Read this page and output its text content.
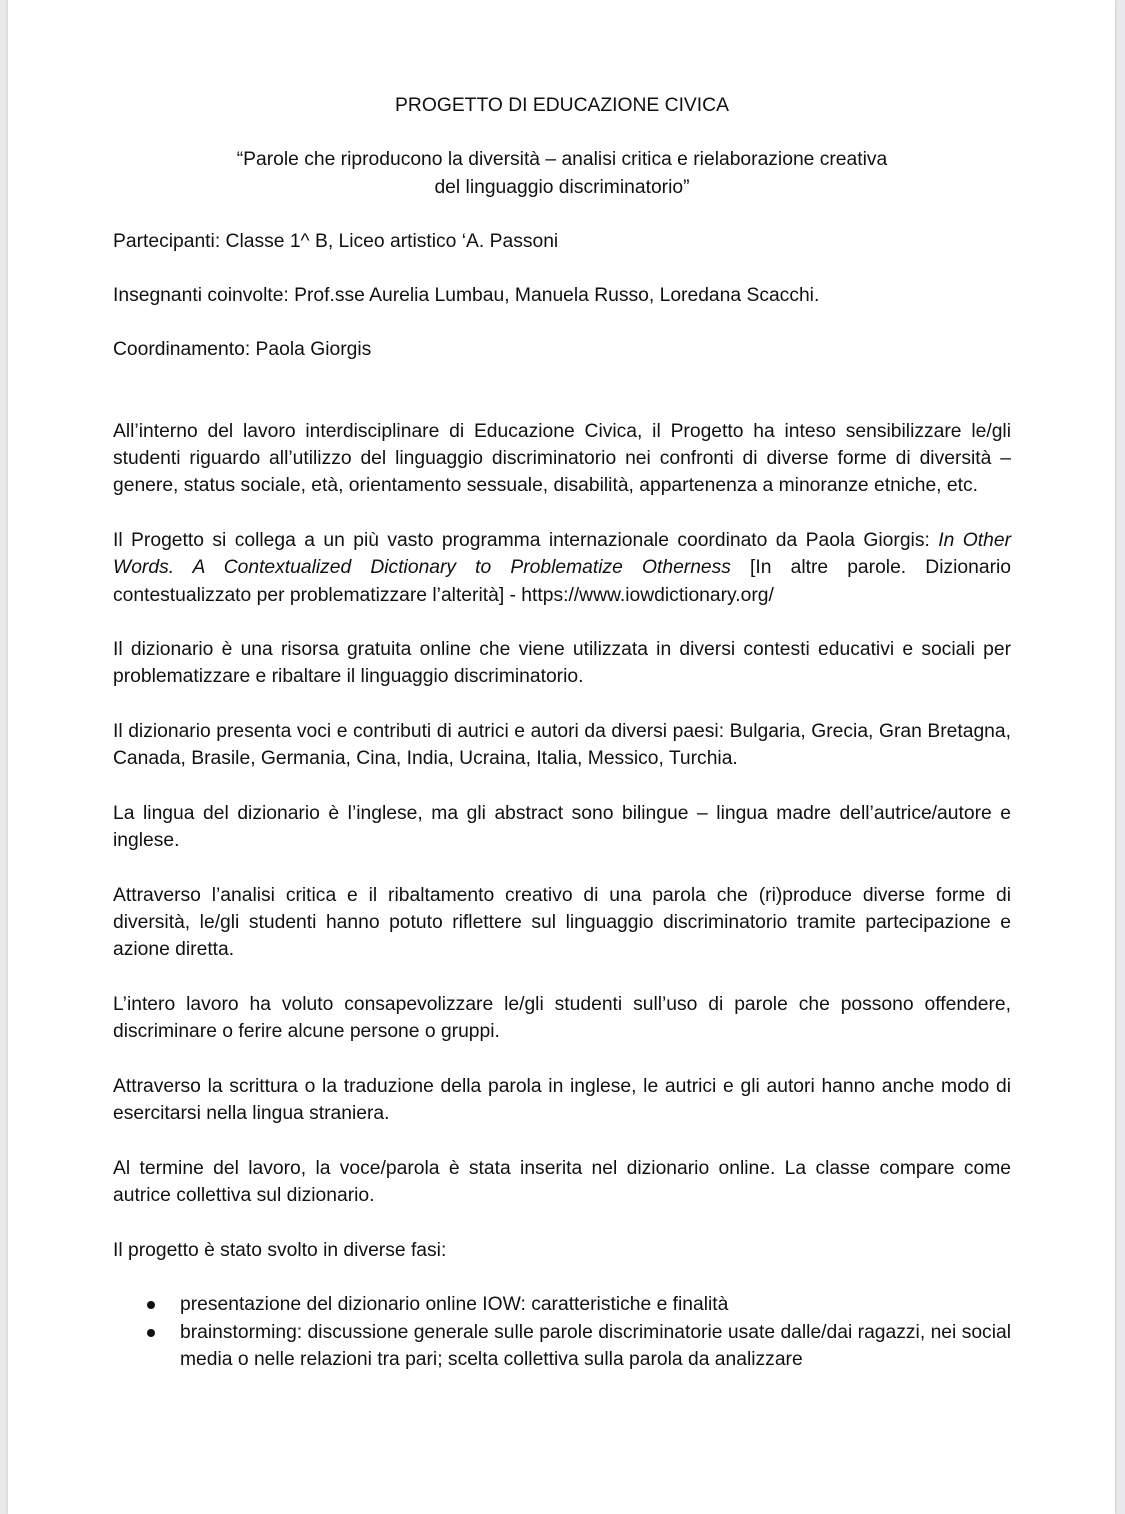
PROGETTO DI EDUCAZIONE CIVICA

“Parole che riproducono la diversità – analisi critica e rielaborazione creativa
del linguaggio discriminatorio”

Partecipanti: Classe 1^ B, Liceo artistico ‘A. Passoni

Insegnanti coinvolte: Prof.sse Aurelia Lumbau, Manuela Russo, Loredana Scacchi.

Coordinamento: Paola Giorgis

All’interno del lavoro interdisciplinare di Educazione Civica, il Progetto ha inteso sensibilizzare le/gli studenti riguardo all’utilizzo del linguaggio discriminatorio nei confronti di diverse forme di diversità – genere, status sociale, età, orientamento sessuale, disabilità, appartenenza a minoranze etniche, etc.

Il Progetto si collega a un più vasto programma internazionale coordinato da Paola Giorgis: In Other Words. A Contextualized Dictionary to Problematize Otherness [In altre parole. Dizionario contestualizzato per problematizzare l’alterità] - https://www.iowdictionary.org/

Il dizionario è una risorsa gratuita online che viene utilizzata in diversi contesti educativi e sociali per problematizzare e ribaltare il linguaggio discriminatorio.

Il dizionario presenta voci e contributi di autrici e autori da diversi paesi: Bulgaria, Grecia, Gran Bretagna, Canada, Brasile, Germania, Cina, India, Ucraina, Italia, Messico, Turchia.

La lingua del dizionario è l’inglese, ma gli abstract sono bilingue – lingua madre dell’autrice/autore e inglese.

Attraverso l’analisi critica e il ribaltamento creativo di una parola che (ri)produce diverse forme di diversità, le/gli studenti hanno potuto riflettere sul linguaggio discriminatorio tramite partecipazione e azione diretta.

L’intero lavoro ha voluto consapevolizzare le/gli studenti sull’uso di parole che possono offendere, discriminare o ferire alcune persone o gruppi.

Attraverso la scrittura o la traduzione della parola in inglese, le autrici e gli autori hanno anche modo di esercitarsi nella lingua straniera.

Al termine del lavoro, la voce/parola è stata inserita nel dizionario online. La classe compare come autrice collettiva sul dizionario.

Il progetto è stato svolto in diverse fasi:

presentazione del dizionario online IOW: caratteristiche e finalità
brainstorming: discussione generale sulle parole discriminatorie usate dalle/dai ragazzi, nei social media o nelle relazioni tra pari; scelta collettiva sulla parola da analizzare
